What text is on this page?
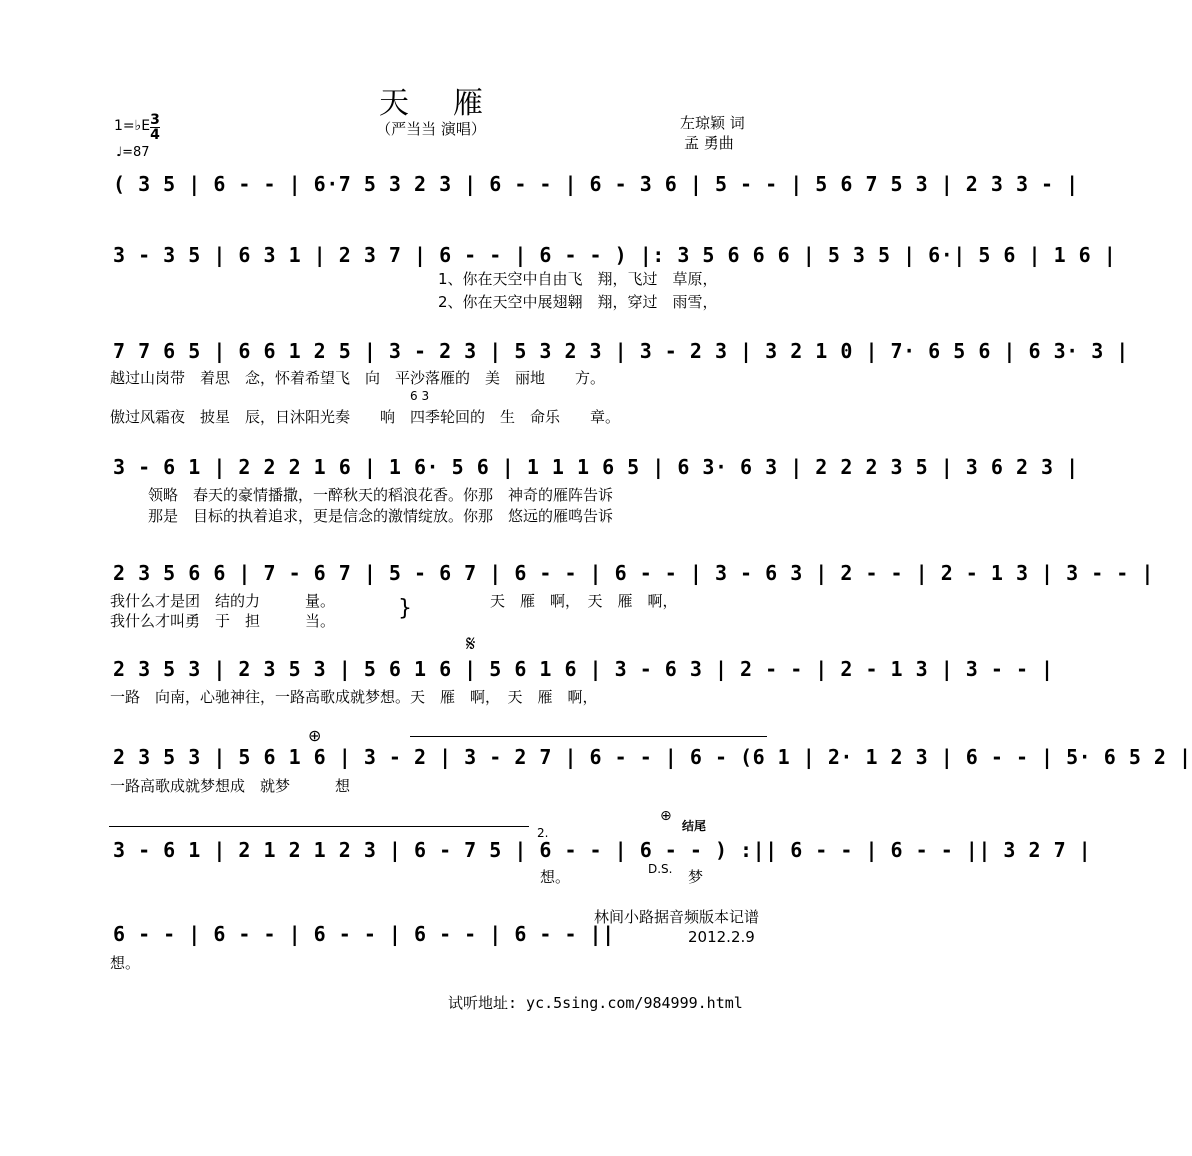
天雁
（严当当 演唱）	左琼颖 词
孟 勇曲
1=♭E 3
4
♩=87
( 3 5 | 6 - - | 6·7 5 3 2 3 | 6 - - | 6 - 3 6 | 5 - - | 5 6 7 5 3 | 2 3 3 - |
3 - 3 5 | 6 3 1 | 2 3 7 | 6 - - | 6 - - ) |: 3 5 6 6 6 | 5 3 5 | 6·| 5 6 | 1 6 |
1、你在天空中自由飞　翔，飞过　草原，
2、你在天空中展翅翱　翔，穿过　雨雪，
7 7 6 5 | 6 6 1 2 5 | 3 - 2 3 | 5 3 2 3 | 3 - 2 3 | 3 2 1 0 | 7· 6 5 6 | 6 3· 3 |
越过山岗带　着思　念，怀着希望飞　向　平沙落雁的　美　丽地　　方。
6 3
傲过风霜夜　披星　辰，日沐阳光奏　　响　四季轮回的　生　命乐　　章。
3 - 6 1 | 2 2 2 1 6 | 1 6· 5 6 | 1 1 1 6 5 | 6 3· 6 3 | 2 2 2 3 5 | 3 6 2 3 |
领略　春天的豪情播撒，一醉秋天的稻浪花香。你那　神奇的雁阵告诉
那是　目标的执着追求，更是信念的激情绽放。你那　悠远的雁鸣告诉
2 3 5 6 6 | 7 - 6 7 | 5 - 6 7 | 6 - - | 6 - - | 3 - 6 3 | 2 - - | 2 - 1 3 | 3 - - |
我什么才是团　结的力　　　量。	天　雁　啊，　天　雁　啊，
我什么才叫勇　于　担　　　当。	}
𝄋
2 3 5 3 | 2 3 5 3 | 5 6 1 6 | 5 6 1 6 | 3 - 6 3 | 2 - - | 2 - 1 3 | 3 - - |
一路　向南，心驰神往，一路高歌成就梦想。天　雁　啊，　天　雁　啊，
⊕
2 3 5 3 | 5 6 1 6 | 3 - 2 | 3 - 2 7 | 6 - - | 6 - (6 1 | 2· 1 2 3 | 6 - - | 5· 6 5 2 |
一路高歌成就梦想成　就梦　　　想
2.
⊕
结尾
3 - 6 1 | 2 1 2 1 2 3 | 6 - 7 5 | 6 - - | 6 - - ) :|| 6 - - | 6 - - || 3 2 7 |
想。	D.S. 梦
6 - - | 6 - - | 6 - - | 6 - - | 6 - - ||
想。
林间小路据音频版本记谱
2012.2.9
试听地址: yc.5sing.com/984999.html
